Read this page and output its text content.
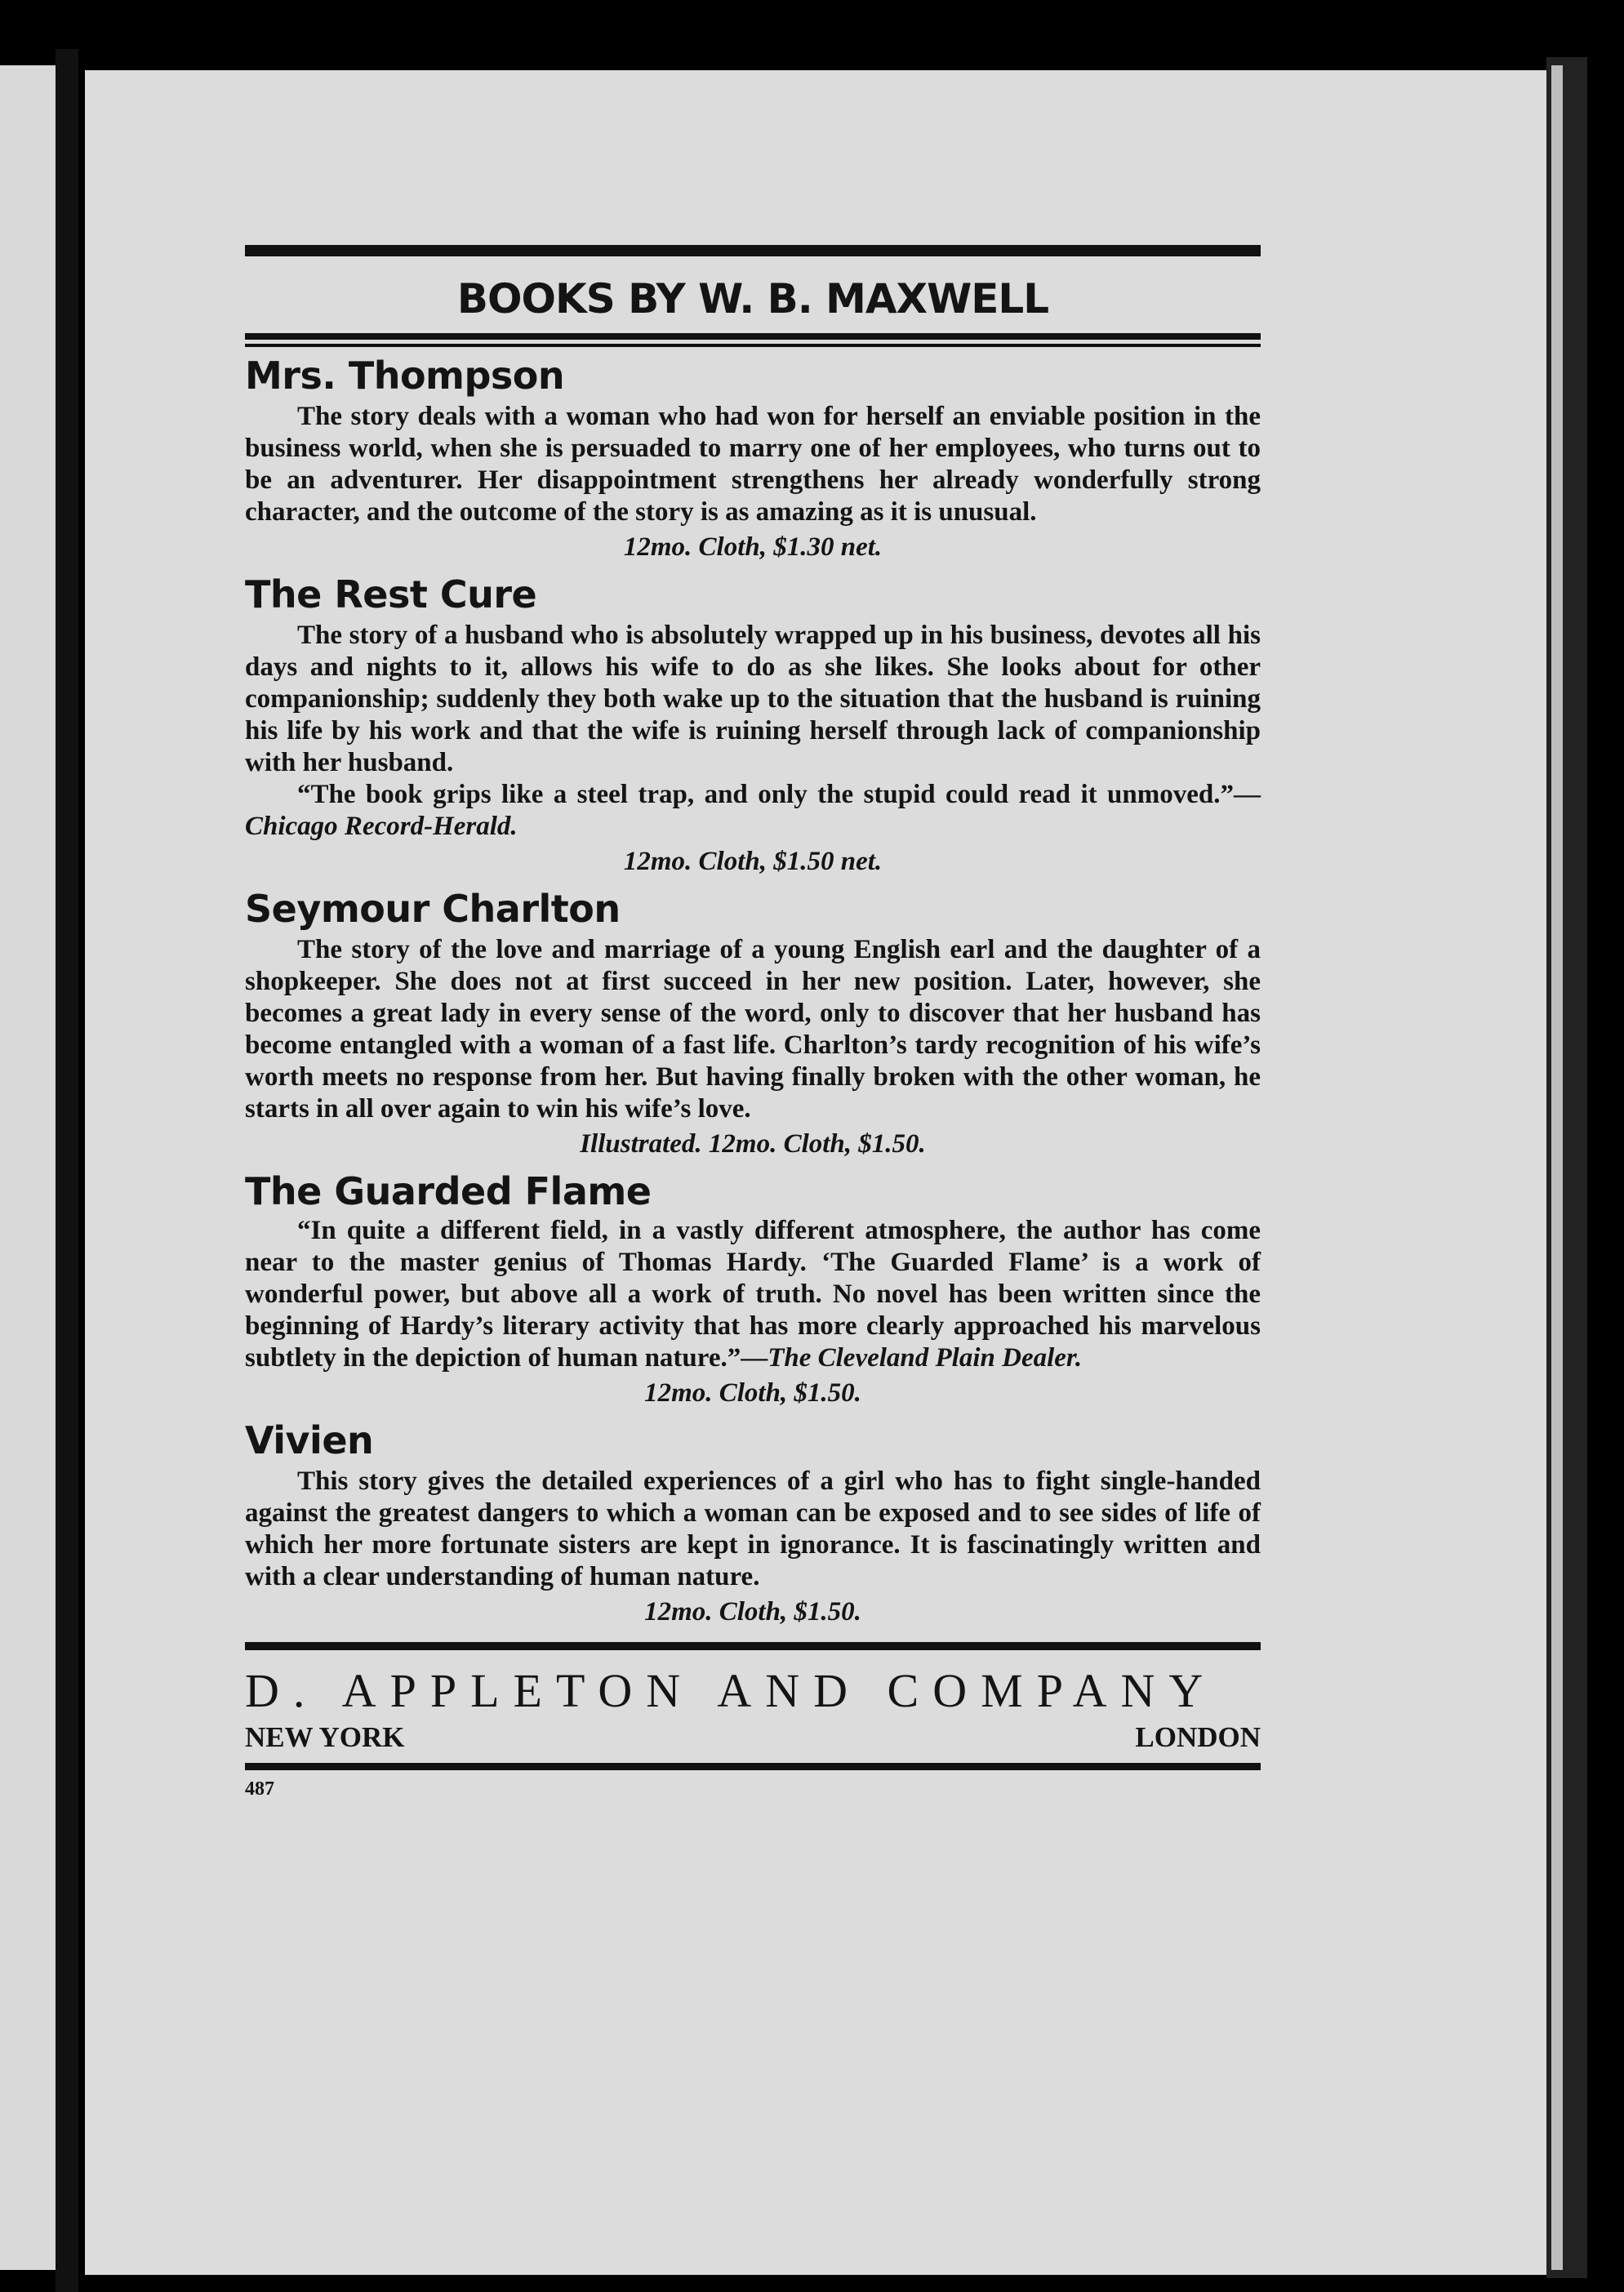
BOOKS BY W. B. MAXWELL
Mrs. Thompson

The story deals with a woman who had won for herself an enviable position in the business world, when she is persuaded to marry one of her employees, who turns out to be an adventurer. Her disappointment strengthens her already wonderfully strong character, and the outcome of the story is as amazing as it is unusual.

12mo. Cloth, $1.30 net.

The Rest Cure

The story of a husband who is absolutely wrapped up in his business, devotes all his days and nights to it, allows his wife to do as she likes. She looks about for other companionship; suddenly they both wake up to the situation that the husband is ruining his life by his work and that the wife is ruining herself through lack of companionship with her husband.

“The book grips like a steel trap, and only the stupid could read it unmoved.”—Chicago Record-Herald.

12mo. Cloth, $1.50 net.

Seymour Charlton

The story of the love and marriage of a young English earl and the daughter of a shopkeeper. She does not at first succeed in her new position. Later, however, she becomes a great lady in every sense of the word, only to discover that her husband has become entangled with a woman of a fast life. Charlton’s tardy recognition of his wife’s worth meets no response from her. But having finally broken with the other woman, he starts in all over again to win his wife’s love.

Illustrated. 12mo. Cloth, $1.50.

The Guarded Flame

“In quite a different field, in a vastly different atmosphere, the author has come near to the master genius of Thomas Hardy. ‘The Guarded Flame’ is a work of wonderful power, but above all a work of truth. No novel has been written since the beginning of Hardy’s literary activity that has more clearly approached his marvelous subtlety in the depiction of human nature.”—The Cleveland Plain Dealer.

12mo. Cloth, $1.50.

Vivien

This story gives the detailed experiences of a girl who has to fight single-handed against the greatest dangers to which a woman can be exposed and to see sides of life of which her more fortunate sisters are kept in ignorance. It is fascinatingly written and with a clear understanding of human nature.

12mo. Cloth, $1.50.

D. APPLETON AND COMPANY
NEW YORK	LONDON
487
